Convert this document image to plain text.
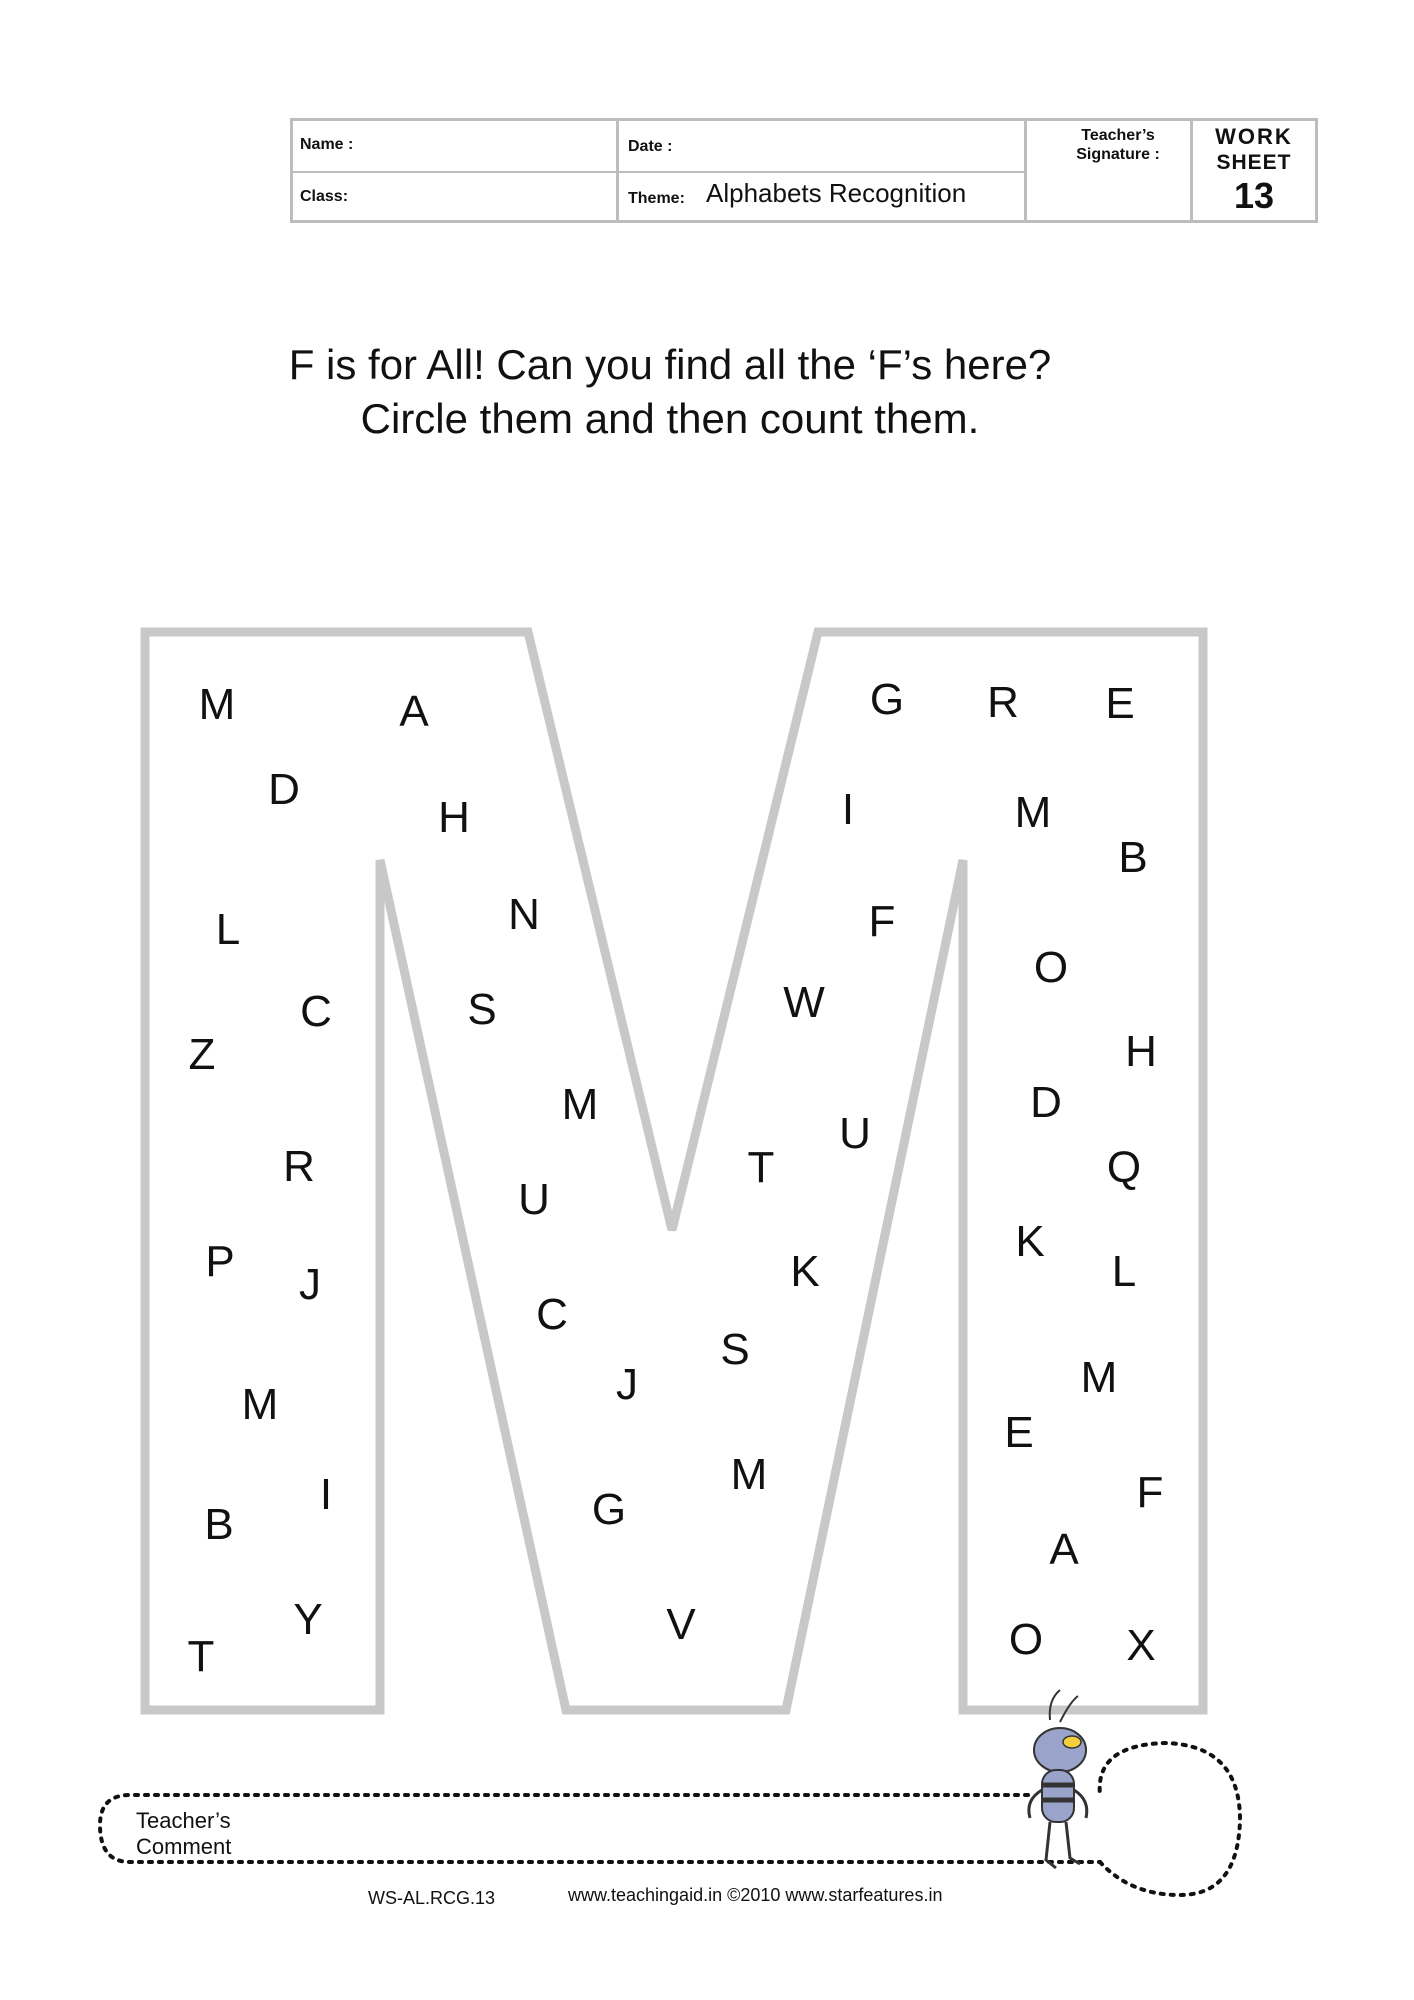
Name :	Date :
Teacher’s
Signature :
Class:	Theme: Alphabets Recognition
WORK
SHEET
13
F is for All! Can you find all the ‘F’s here?
Circle them and then count them.
M	A
D
H
L	N
C	S
Z
M
R
U
P J
C
M	J
B
I	G
Y
T
V
G R E
I	M
B
F
O
W
H
D
U
T	Q
K
K
L
S
M
E
M	F
A
O X
Teacher’s
Comment
WS-AL.RCG.13	www.teachingaid.in ©2010 www.starfeatures.in
